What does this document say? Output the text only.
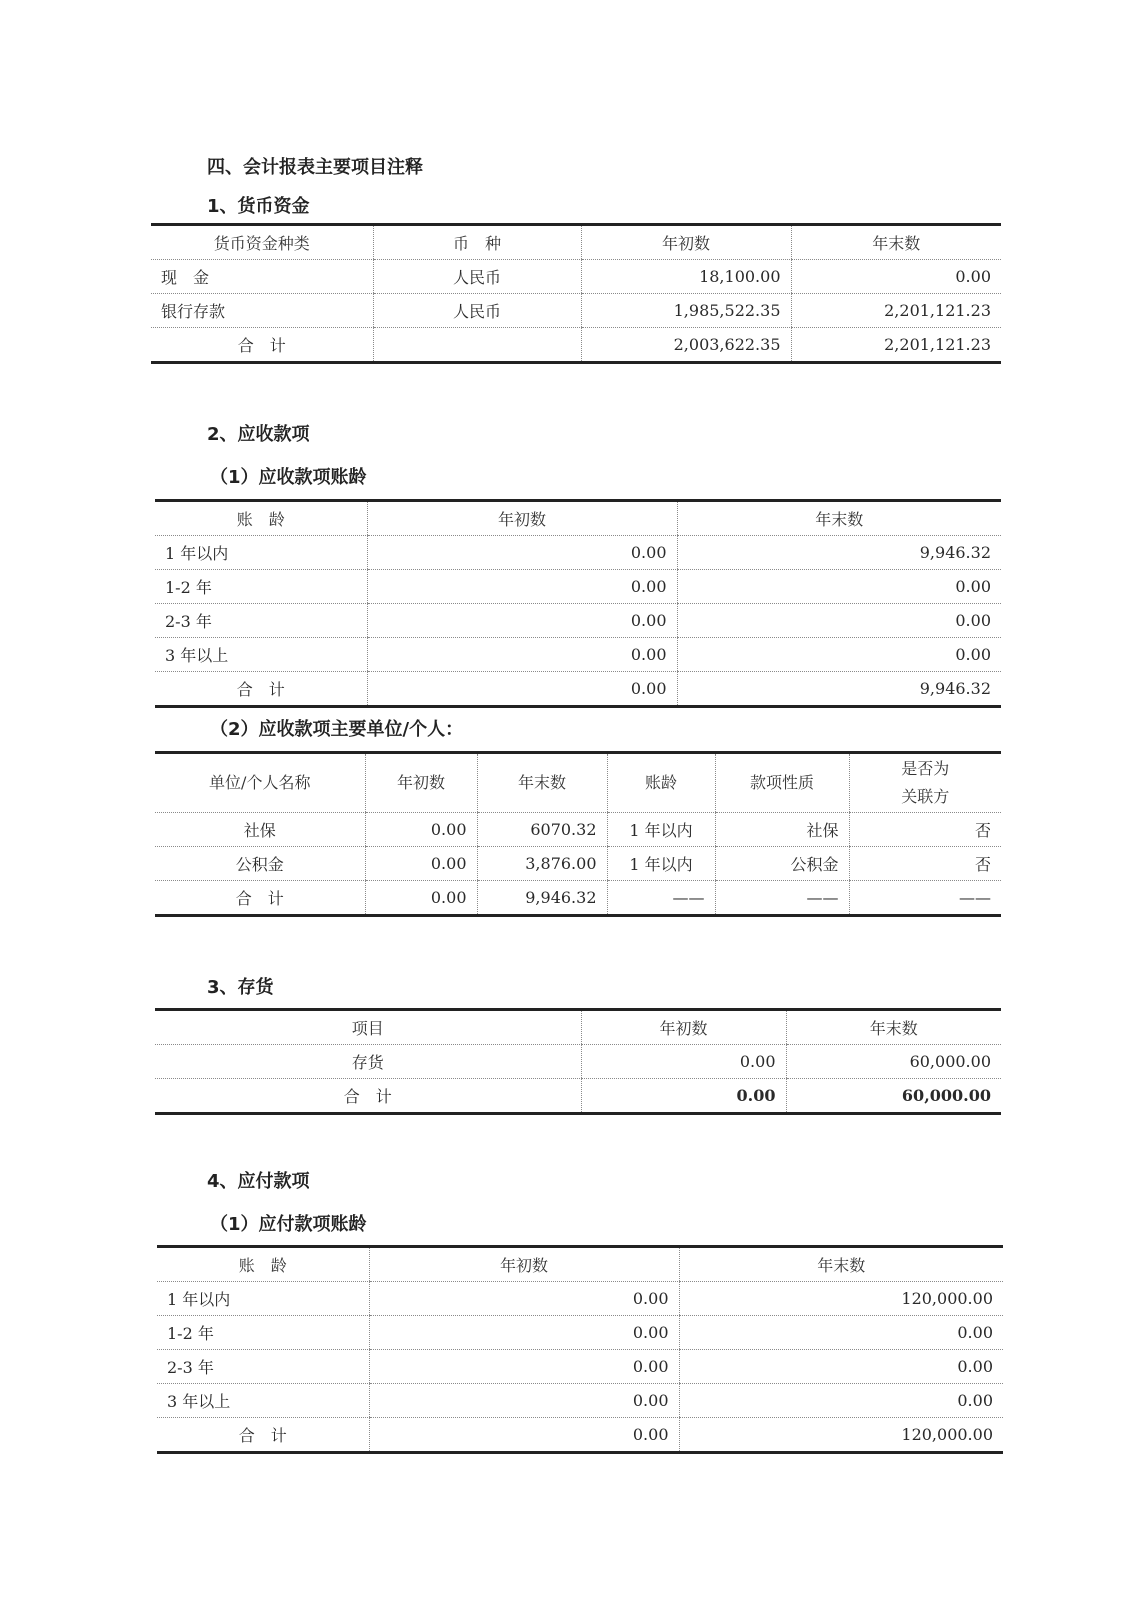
四、会计报表主要项目注释
1、货币资金
货币资金种类	币　种	年初数	年末数
现　金	人民币	18,100.00	0.00
银行存款	人民币	1,985,522.35	2,201,121.23
合　计		2,003,622.35	2,201,121.23
2、应收款项
（1）应收款项账龄
账　龄	年初数	年末数
1 年以内	0.00	9,946.32
1-2 年	0.00	0.00
2-3 年	0.00	0.00
3 年以上	0.00	0.00
合　计	0.00	9,946.32
（2）应收款项主要单位/个人：
单位/个人名称	年初数	年末数	账龄	款项性质	是否为
关联方

社保	0.00	6070.32	1 年以内	社保	否
公积金	0.00	3,876.00	1 年以内	公积金	否
合　计	0.00	9,946.32	——	——	——
3、存货
项目	年初数	年末数
存货	0.00	60,000.00
合　计	0.00	60,000.00
4、应付款项
（1）应付款项账龄
账　龄	年初数	年末数
1 年以内	0.00	120,000.00
1-2 年	0.00	0.00
2-3 年	0.00	0.00
3 年以上	0.00	0.00
合　计	0.00	120,000.00
